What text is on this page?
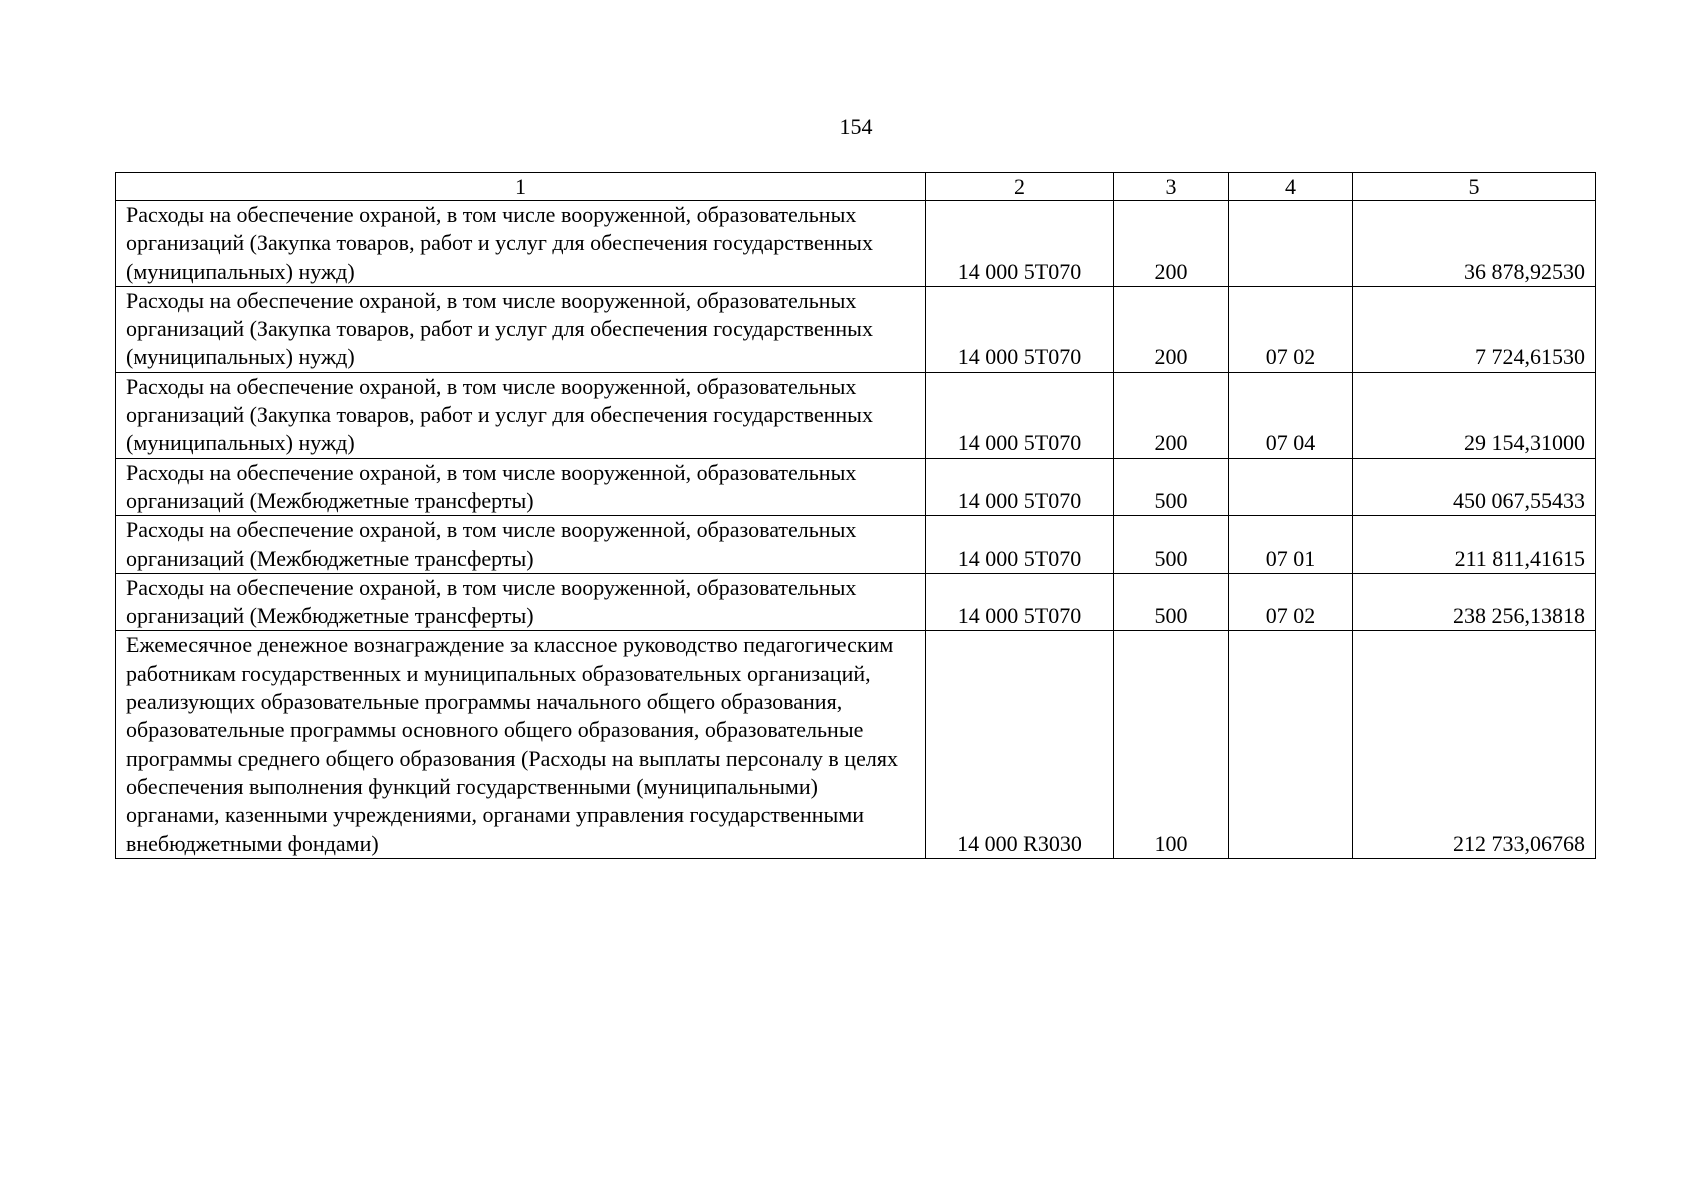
154
1	2	3	4	5
Расходы на обеспечение охраной, в том числе вооруженной, образовательных организаций (Закупка товаров, работ и услуг для обеспечения государственных (муниципальных) нужд)	14 000 5Т070	200		36 878,92530
Расходы на обеспечение охраной, в том числе вооруженной, образовательных организаций (Закупка товаров, работ и услуг для обеспечения государственных (муниципальных) нужд)	14 000 5Т070	200	07 02	7 724,61530
Расходы на обеспечение охраной, в том числе вооруженной, образовательных организаций (Закупка товаров, работ и услуг для обеспечения государственных (муниципальных) нужд)	14 000 5Т070	200	07 04	29 154,31000
Расходы на обеспечение охраной, в том числе вооруженной, образовательных организаций (Межбюджетные трансферты)	14 000 5Т070	500		450 067,55433
Расходы на обеспечение охраной, в том числе вооруженной, образовательных организаций (Межбюджетные трансферты)	14 000 5Т070	500	07 01	211 811,41615
Расходы на обеспечение охраной, в том числе вооруженной, образовательных организаций (Межбюджетные трансферты)	14 000 5Т070	500	07 02	238 256,13818
Ежемесячное денежное вознаграждение за классное руководство педагогическим работникам государственных и муниципальных образовательных организаций, реализующих образовательные программы начального общего образования, образовательные программы основного общего образования, образовательные программы среднего общего образования (Расходы на выплаты персоналу в целях обеспечения выполнения функций государственными (муниципальными) органами, казенными учреждениями, органами управления государственными внебюджетными фондами)	14 000 R3030	100		212 733,06768
